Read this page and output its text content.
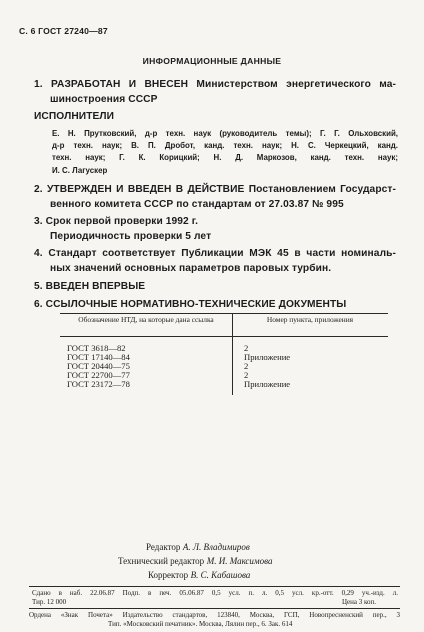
С. 6 ГОСТ 27240—87
ИНФОРМАЦИОННЫЕ ДАННЫЕ
1. РАЗРАБОТАН И ВНЕСЕН Министерством энергетического ма-
шиностроения СССР
ИСПОЛНИТЕЛИ
Е. Н. Прутковский, д-р техн. наук (руководитель темы); Г. Г. Ольховский,
д-р техн. наук; В. П. Дробот, канд. техн. наук; Н. С. Черкецкий, канд.
техн. наук; Г. К. Корицкий; Н. Д. Маркозов, канд. техн. наук;
И. С. Лагускер
2. УТВЕРЖДЕН И ВВЕДЕН В ДЕЙСТВИЕ Постановлением Государст-
венного комитета СССР по стандартам от 27.03.87 № 995
3. Срок первой проверки 1992 г.
Периодичность проверки 5 лет
4. Стандарт соответствует Публикации МЭК 45 в части номиналь-
ных значений основных параметров паровых турбин.
5. ВВЕДЕН ВПЕРВЫЕ
6. ССЫЛОЧНЫЕ НОРМАТИВНО-ТЕХНИЧЕСКИЕ ДОКУМЕНТЫ
Обозначение НТД, на которые дана ссылка	Номер пункта, приложения
ГОСТ 3618—82	2
ГОСТ 17140—84	Приложение
ГОСТ 20440—75	2
ГОСТ 22700—77	2
ГОСТ 23172—78	Приложение
Редактор А. Л. Владимиров
Технический редактор М. И. Максимова
Корректор В. С. Кабашова
Сдано в наб. 22.06.87 Подп. в печ. 05.06.87 0,5 усл. п. л. 0,5 усл. кр.-отт. 0,29 уч.-изд. л.
Тир. 12 000	Цена 3 коп.
Ордена «Знак Почета» Издательство стандартов, 123840, Москва, ГСП, Новопресненский пер., 3
Тип. «Московский печатник». Москва, Лялин пер., 6. Зак. 614
